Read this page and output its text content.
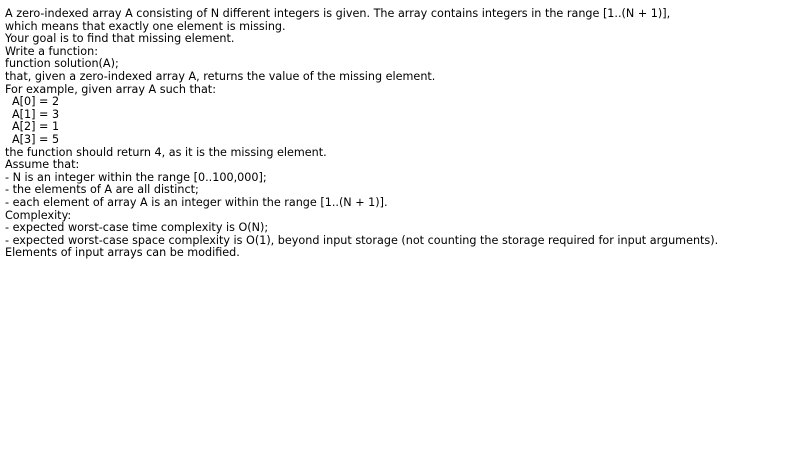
A zero-indexed array A consisting of N different integers is given. The array contains integers in the range [1..(N + 1)],
which means that exactly one element is missing.
Your goal is to find that missing element.
Write a function:
function solution(A);
that, given a zero-indexed array A, returns the value of the missing element.
For example, given array A such that:
A[0] = 2
A[1] = 3
A[2] = 1
A[3] = 5
the function should return 4, as it is the missing element.
Assume that:
- N is an integer within the range [0..100,000];
- the elements of A are all distinct;
- each element of array A is an integer within the range [1..(N + 1)].
Complexity:
- expected worst-case time complexity is O(N);
- expected worst-case space complexity is O(1), beyond input storage (not counting the storage required for input arguments).
Elements of input arrays can be modified.
